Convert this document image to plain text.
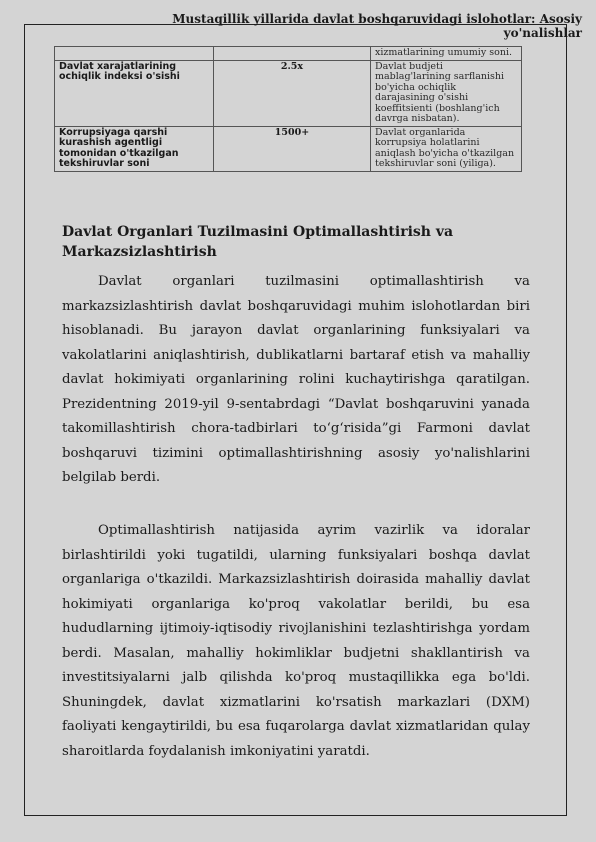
Mustaqillik yillarida davlat boshqaruvidagi islohotlar: Asosiy yo'nalishlar
		xizmatlarining umumiy soni.
Davlat xarajatlarining ochiqlik indeksi o'sishi	2.5x	Davlat budjeti mablag'larining sarflanishi bo'yicha ochiqlik darajasining o'sishi koeffitsienti (boshlang'ich davrga nisbatan).
Korrupsiyaga qarshi kurashish agentligi tomonidan o'tkazilgan tekshiruvlar soni	1500+	Davlat organlarida korrupsiya holatlarini aniqlash bo'yicha o'tkazilgan tekshiruvlar soni (yiliga).
Davlat Organlari Tuzilmasini Optimallashtirish va Markazsizlashtirish

Davlat organlari tuzilmasini optimallashtirish va markazsizlashtirish davlat boshqaruvidagi muhim islohotlardan biri hisoblanadi. Bu jarayon davlat organlarining funksiyalari va vakolatlarini aniqlashtirish, dublikatlarni bartaraf etish va mahalliy davlat hokimiyati organlarining rolini kuchaytirishga qaratilgan. Prezidentning 2019-yil 9-sentabrdagi “Davlat boshqaruvini yanada takomillashtirish chora-tadbirlari to‘g‘risida”gi Farmoni davlat boshqaruvi tizimini optimallashtirishning asosiy yo'nalishlarini belgilab berdi.

Optimallashtirish natijasida ayrim vazirlik va idoralar birlashtirildi yoki tugatildi, ularning funksiyalari boshqa davlat organlariga o'tkazildi. Markazsizlashtirish doirasida mahalliy davlat hokimiyati organlariga ko'proq vakolatlar berildi, bu esa hududlarning ijtimoiy-iqtisodiy rivojlanishini tezlashtirishga yordam berdi. Masalan, mahalliy hokimliklar budjetni shakllantirish va investitsiyalarni jalb qilishda ko'proq mustaqillikka ega bo'ldi. Shuningdek, davlat xizmatlarini ko'rsatish markazlari (DXM) faoliyati kengaytirildi, bu esa fuqarolarga davlat xizmatlaridan qulay sharoitlarda foydalanish imkoniyatini yaratdi.
